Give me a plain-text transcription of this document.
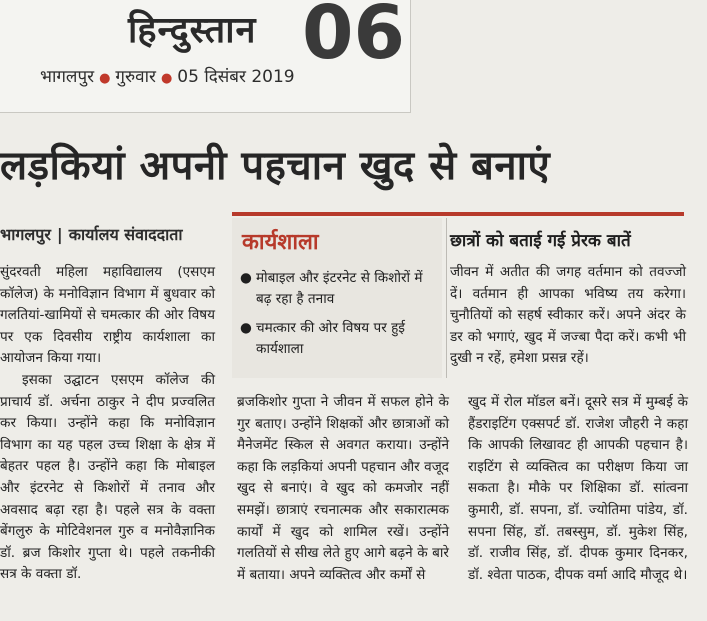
हिन्दुस्तान 06
भागलपुर ● गुरुवार ● 05 दिसंबर 2019
लड़कियां अपनी पहचान खुद से बनाएं
भागलपुर | कार्यालय संवाददाता

सुंदरवती महिला महाविद्यालय (एसएम कॉलेज) के मनोविज्ञान विभाग में बुधवार को गलतियां-खामियों से चमत्कार की ओर विषय पर एक दिवसीय राष्ट्रीय कार्यशाला का आयोजन किया गया।

इसका उद्घाटन एसएम कॉलेज की प्राचार्य डॉ. अर्चना ठाकुर ने दीप प्रज्वलित कर किया। उन्होंने कहा कि मनोविज्ञान विभाग का यह पहल उच्च शिक्षा के क्षेत्र में बेहतर पहल है। उन्होंने कहा कि मोबाइल और इंटरनेट से किशोरों में तनाव और अवसाद बढ़ा रहा है। पहले सत्र के वक्ता बेंगलुरु के मोटिवेशनल गुरु व मनोवैज्ञानिक डॉ. ब्रज किशोर गुप्ता थे। पहले तकनीकी सत्र के वक्ता डॉ.

कार्यशाला
● मोबाइल और इंटरनेट से किशोरों में बढ़ रहा है तनाव
● चमत्कार की ओर विषय पर हुई कार्यशाला
छात्रों को बताई गई प्रेरक बातें
जीवन में अतीत की जगह वर्तमान को तवज्जो दें। वर्तमान ही आपका भविष्य तय करेगा। चुनौतियों को सहर्ष स्वीकार करें। अपने अंदर के डर को भगाएं, खुद में जज्बा पैदा करें। कभी भी दुखी न रहें, हमेशा प्रसन्न रहें।

ब्रजकिशोर गुप्ता ने जीवन में सफल होने के गुर बताए। उन्होंने शिक्षकों और छात्राओं को मैनेजमेंट स्किल से अवगत कराया। उन्होंने कहा कि लड़कियां अपनी पहचान और वजूद खुद से बनाएं। वे खुद को कमजोर नहीं समझें। छात्राएं रचनात्मक और सकारात्मक कार्यों में खुद को शामिल रखें। उन्होंने गलतियों से सीख लेते हुए आगे बढ़ने के बारे में बताया। अपने व्यक्तित्व और कर्मों से

खुद में रोल मॉडल बनें। दूसरे सत्र में मुम्बई के हैंडराइटिंग एक्सपर्ट डॉ. राजेश जौहरी ने कहा कि आपकी लिखावट ही आपकी पहचान है। राइटिंग से व्यक्तित्व का परीक्षण किया जा सकता है। मौके पर शिक्षिका डॉ. सांत्वना कुमारी, डॉ. सपना, डॉ. ज्योतिमा पांडेय, डॉ. सपना सिंह, डॉ. तबस्सुम, डॉ. मुकेश सिंह, डॉ. राजीव सिंह, डॉ. दीपक कुमार दिनकर, डॉ. श्वेता पाठक, दीपक वर्मा आदि मौजूद थे।
